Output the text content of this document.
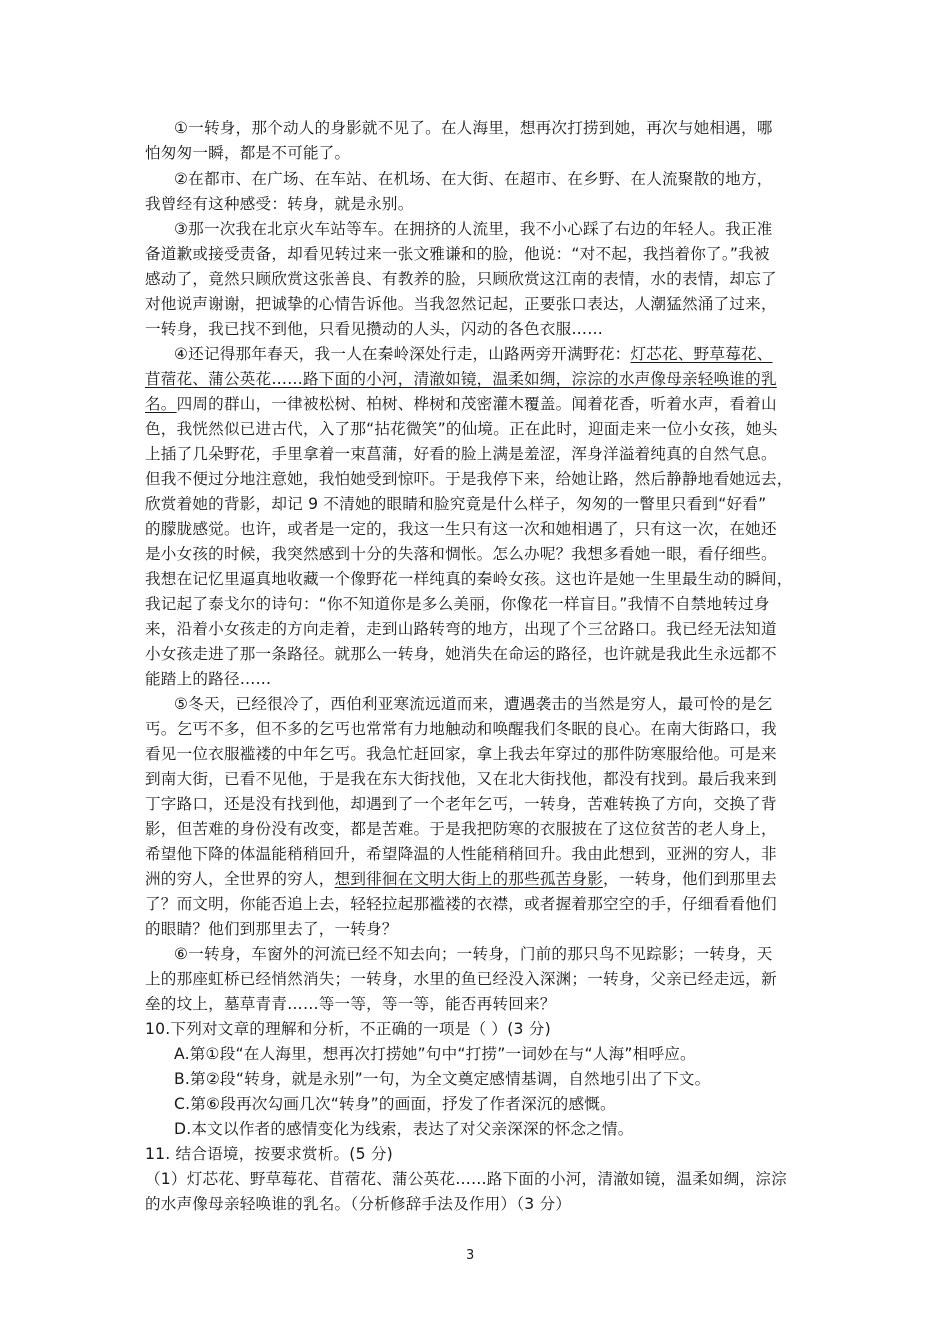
①一转身，那个动人的身影就不见了。在人海里，想再次打捞到她，再次与她相遇，哪
怕匆匆一瞬，都是不可能了。
②在都市、在广场、在车站、在机场、在大街、在超市、在乡野、在人流聚散的地方，
我曾经有这种感受：转身，就是永别。
③那一次我在北京火车站等车。在拥挤的人流里，我不小心踩了右边的年轻人。我正准
备道歉或接受责备，却看见转过来一张文雅谦和的脸，他说：“对不起，我挡着你了。”我被
感动了，竟然只顾欣赏这张善良、有教养的脸，只顾欣赏这江南的表情，水的表情，却忘了
对他说声谢谢，把诚挚的心情告诉他。当我忽然记起，正要张口表达，人潮猛然涌了过来，
一转身，我已找不到他，只看见攒动的人头，闪动的各色衣服……
④还记得那年春天，我一人在秦岭深处行走，山路两旁开满野花：灯芯花、野草莓花、
苜蓿花、蒲公英花……路下面的小河，清澈如镜，温柔如绸，淙淙的水声像母亲轻唤谁的乳
名。四周的群山，一律被松树、柏树、桦树和茂密灌木覆盖。闻着花香，听着水声，看着山
色，我恍然似已进古代，入了那“拈花微笑”的仙境。正在此时，迎面走来一位小女孩，她头
上插了几朵野花，手里拿着一束菖蒲，好看的脸上满是羞涩，浑身洋溢着纯真的自然气息。
但我不便过分地注意她，我怕她受到惊吓。于是我停下来，给她让路，然后静静地看她远去，
欣赏着她的背影，却记 9 不清她的眼睛和脸究竟是什么样子，匆匆的一瞥里只看到“好看”
的朦胧感觉。也许，或者是一定的，我这一生只有这一次和她相遇了，只有这一次，在她还
是小女孩的时候，我突然感到十分的失落和惆怅。怎么办呢？我想多看她一眼，看仔细些。
我想在记忆里逼真地收藏一个像野花一样纯真的秦岭女孩。这也许是她一生里最生动的瞬间，
我记起了泰戈尔的诗句：“你不知道你是多么美丽，你像花一样盲目。”我情不自禁地转过身
来，沿着小女孩走的方向走着，走到山路转弯的地方，出现了个三岔路口。我已经无法知道
小女孩走进了那一条路径。就那么一转身，她消失在命运的路径，也许就是我此生永远都不
能踏上的路径……
⑤冬天，已经很冷了，西伯利亚寒流远道而来，遭遇袭击的当然是穷人，最可怜的是乞
丐。乞丐不多，但不多的乞丐也常常有力地触动和唤醒我们冬眠的良心。在南大街路口，我
看见一位衣服褴褛的中年乞丐。我急忙赶回家，拿上我去年穿过的那件防寒服给他。可是来
到南大街，已看不见他，于是我在东大街找他，又在北大街找他，都没有找到。最后我来到
丁字路口，还是没有找到他，却遇到了一个老年乞丐，一转身，苦难转换了方向，交换了背
影，但苦难的身份没有改变，都是苦难。于是我把防寒的衣服披在了这位贫苦的老人身上，
希望他下降的体温能稍稍回升，希望降温的人性能稍稍回升。我由此想到，亚洲的穷人，非
洲的穷人，全世界的穷人，想到徘徊在文明大街上的那些孤苦身影，一转身，他们到那里去
了？而文明，你能否追上去，轻轻拉起那褴褛的衣襟，或者握着那空空的手，仔细看看他们
的眼睛？他们到那里去了，一转身？
⑥一转身，车窗外的河流已经不知去向；一转身，门前的那只鸟不见踪影；一转身，天
上的那座虹桥已经悄然消失；一转身，水里的鱼已经没入深渊；一转身，父亲已经走远，新
垒的坟上，墓草青青……等一等，等一等，能否再转回来？
10.下列对文章的理解和分析，不正确的一项是（ ）(3 分)
A.第①段“在人海里，想再次打捞她”句中“打捞”一词妙在与“人海”相呼应。
B.第②段“转身，就是永别”一句，为全文奠定感情基调，自然地引出了下文。
C.第⑥段再次勾画几次“转身”的画面，抒发了作者深沉的感慨。
D.本文以作者的感情变化为线索，表达了对父亲深深的怀念之情。
11. 结合语境，按要求赏析。(5 分)
（1）灯芯花、野草莓花、苜蓿花、蒲公英花……路下面的小河，清澈如镜，温柔如绸，淙淙
的水声像母亲轻唤谁的乳名。（分析修辞手法及作用）（3 分）
3
